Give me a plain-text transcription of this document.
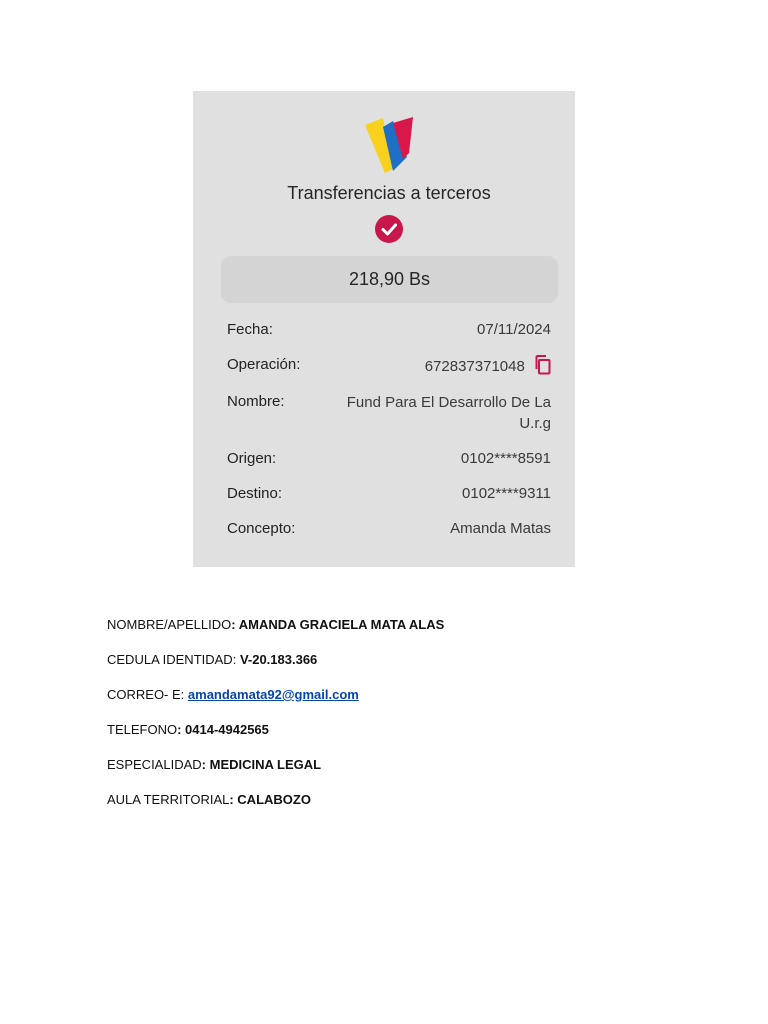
Transferencias a terceros
218,90 Bs
Fecha:	07/11/2024
Operación:	672837371048
Nombre:	Fund Para El Desarrollo De La U.r.g
Origen:	0102****8591
Destino:	0102****9311
Concepto:	Amanda Matas
NOMBRE/APELLIDO: AMANDA GRACIELA MATA ALAS
CEDULA IDENTIDAD: V-20.183.366
CORREO- E: amandamata92@gmail.com
TELEFONO: 0414-4942565
ESPECIALIDAD: MEDICINA LEGAL
AULA TERRITORIAL: CALABOZO
